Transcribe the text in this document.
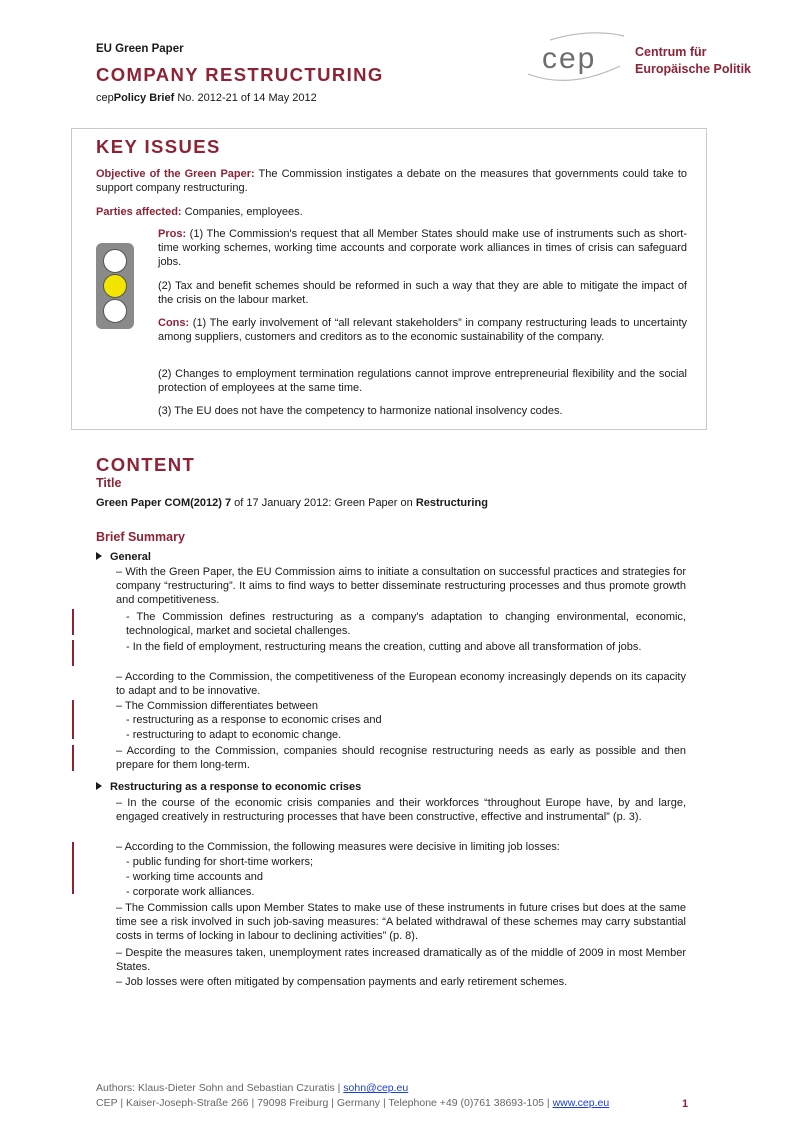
EU Green Paper
COMPANY RESTRUCTURING
cepPolicy Brief No. 2012-21 of 14 May 2012
cep	Centrum für
Europäische Politik
KEY ISSUES
Objective of the Green Paper: The Commission instigates a debate on the measures that governments could take to support company restructuring.
Parties affected: Companies, employees.
Pros: (1) The Commission's request that all Member States should make use of instruments such as short-time working schemes, working time accounts and corporate work alliances in times of crisis can safeguard jobs.
(2) Tax and benefit schemes should be reformed in such a way that they are able to mitigate the impact of the crisis on the labour market.
Cons: (1) The early involvement of “all relevant stakeholders” in company restructuring leads to uncertainty among suppliers, customers and creditors as to the economic sustainability of the company.
(2) Changes to employment termination regulations cannot improve entrepreneurial flexibility and the social protection of employees at the same time.
(3) The EU does not have the competency to harmonize national insolvency codes.
CONTENT
Title
Green Paper COM(2012) 7 of 17 January 2012: Green Paper on Restructuring
Brief Summary
General
– With the Green Paper, the EU Commission aims to initiate a consultation on successful practices and strategies for company “restructuring”. It aims to find ways to better disseminate restructuring processes and thus promote growth and competitiveness.
- The Commission defines restructuring as a company's adaptation to changing environmental, economic, technological, market and societal challenges.
- In the field of employment, restructuring means the creation, cutting and above all transformation of jobs.
– According to the Commission, the competitiveness of the European economy increasingly depends on its capacity to adapt and to be innovative.
– The Commission differentiates between
- restructuring as a response to economic crises and
- restructuring to adapt to economic change.
– According to the Commission, companies should recognise restructuring needs as early as possible and then prepare for them long-term.
Restructuring as a response to economic crises
– In the course of the economic crisis companies and their workforces “throughout Europe have, by and large, engaged creatively in restructuring processes that have been constructive, effective and instrumental” (p. 3).
– According to the Commission, the following measures were decisive in limiting job losses:
- public funding for short-time workers;
- working time accounts and
- corporate work alliances.
– The Commission calls upon Member States to make use of these instruments in future crises but does at the same time see a risk involved in such job-saving measures: “A belated withdrawal of these schemes may carry substantial costs in terms of locking in labour to declining activities” (p. 8).
– Despite the measures taken, unemployment rates increased dramatically as of the middle of 2009 in most Member States.
– Job losses were often mitigated by compensation payments and early retirement schemes.
Authors: Klaus-Dieter Sohn and Sebastian Czuratis | sohn@cep.eu
CEP | Kaiser-Joseph-Straße 266 | 79098 Freiburg | Germany | Telephone +49 (0)761 38693-105 | www.cep.eu	1
